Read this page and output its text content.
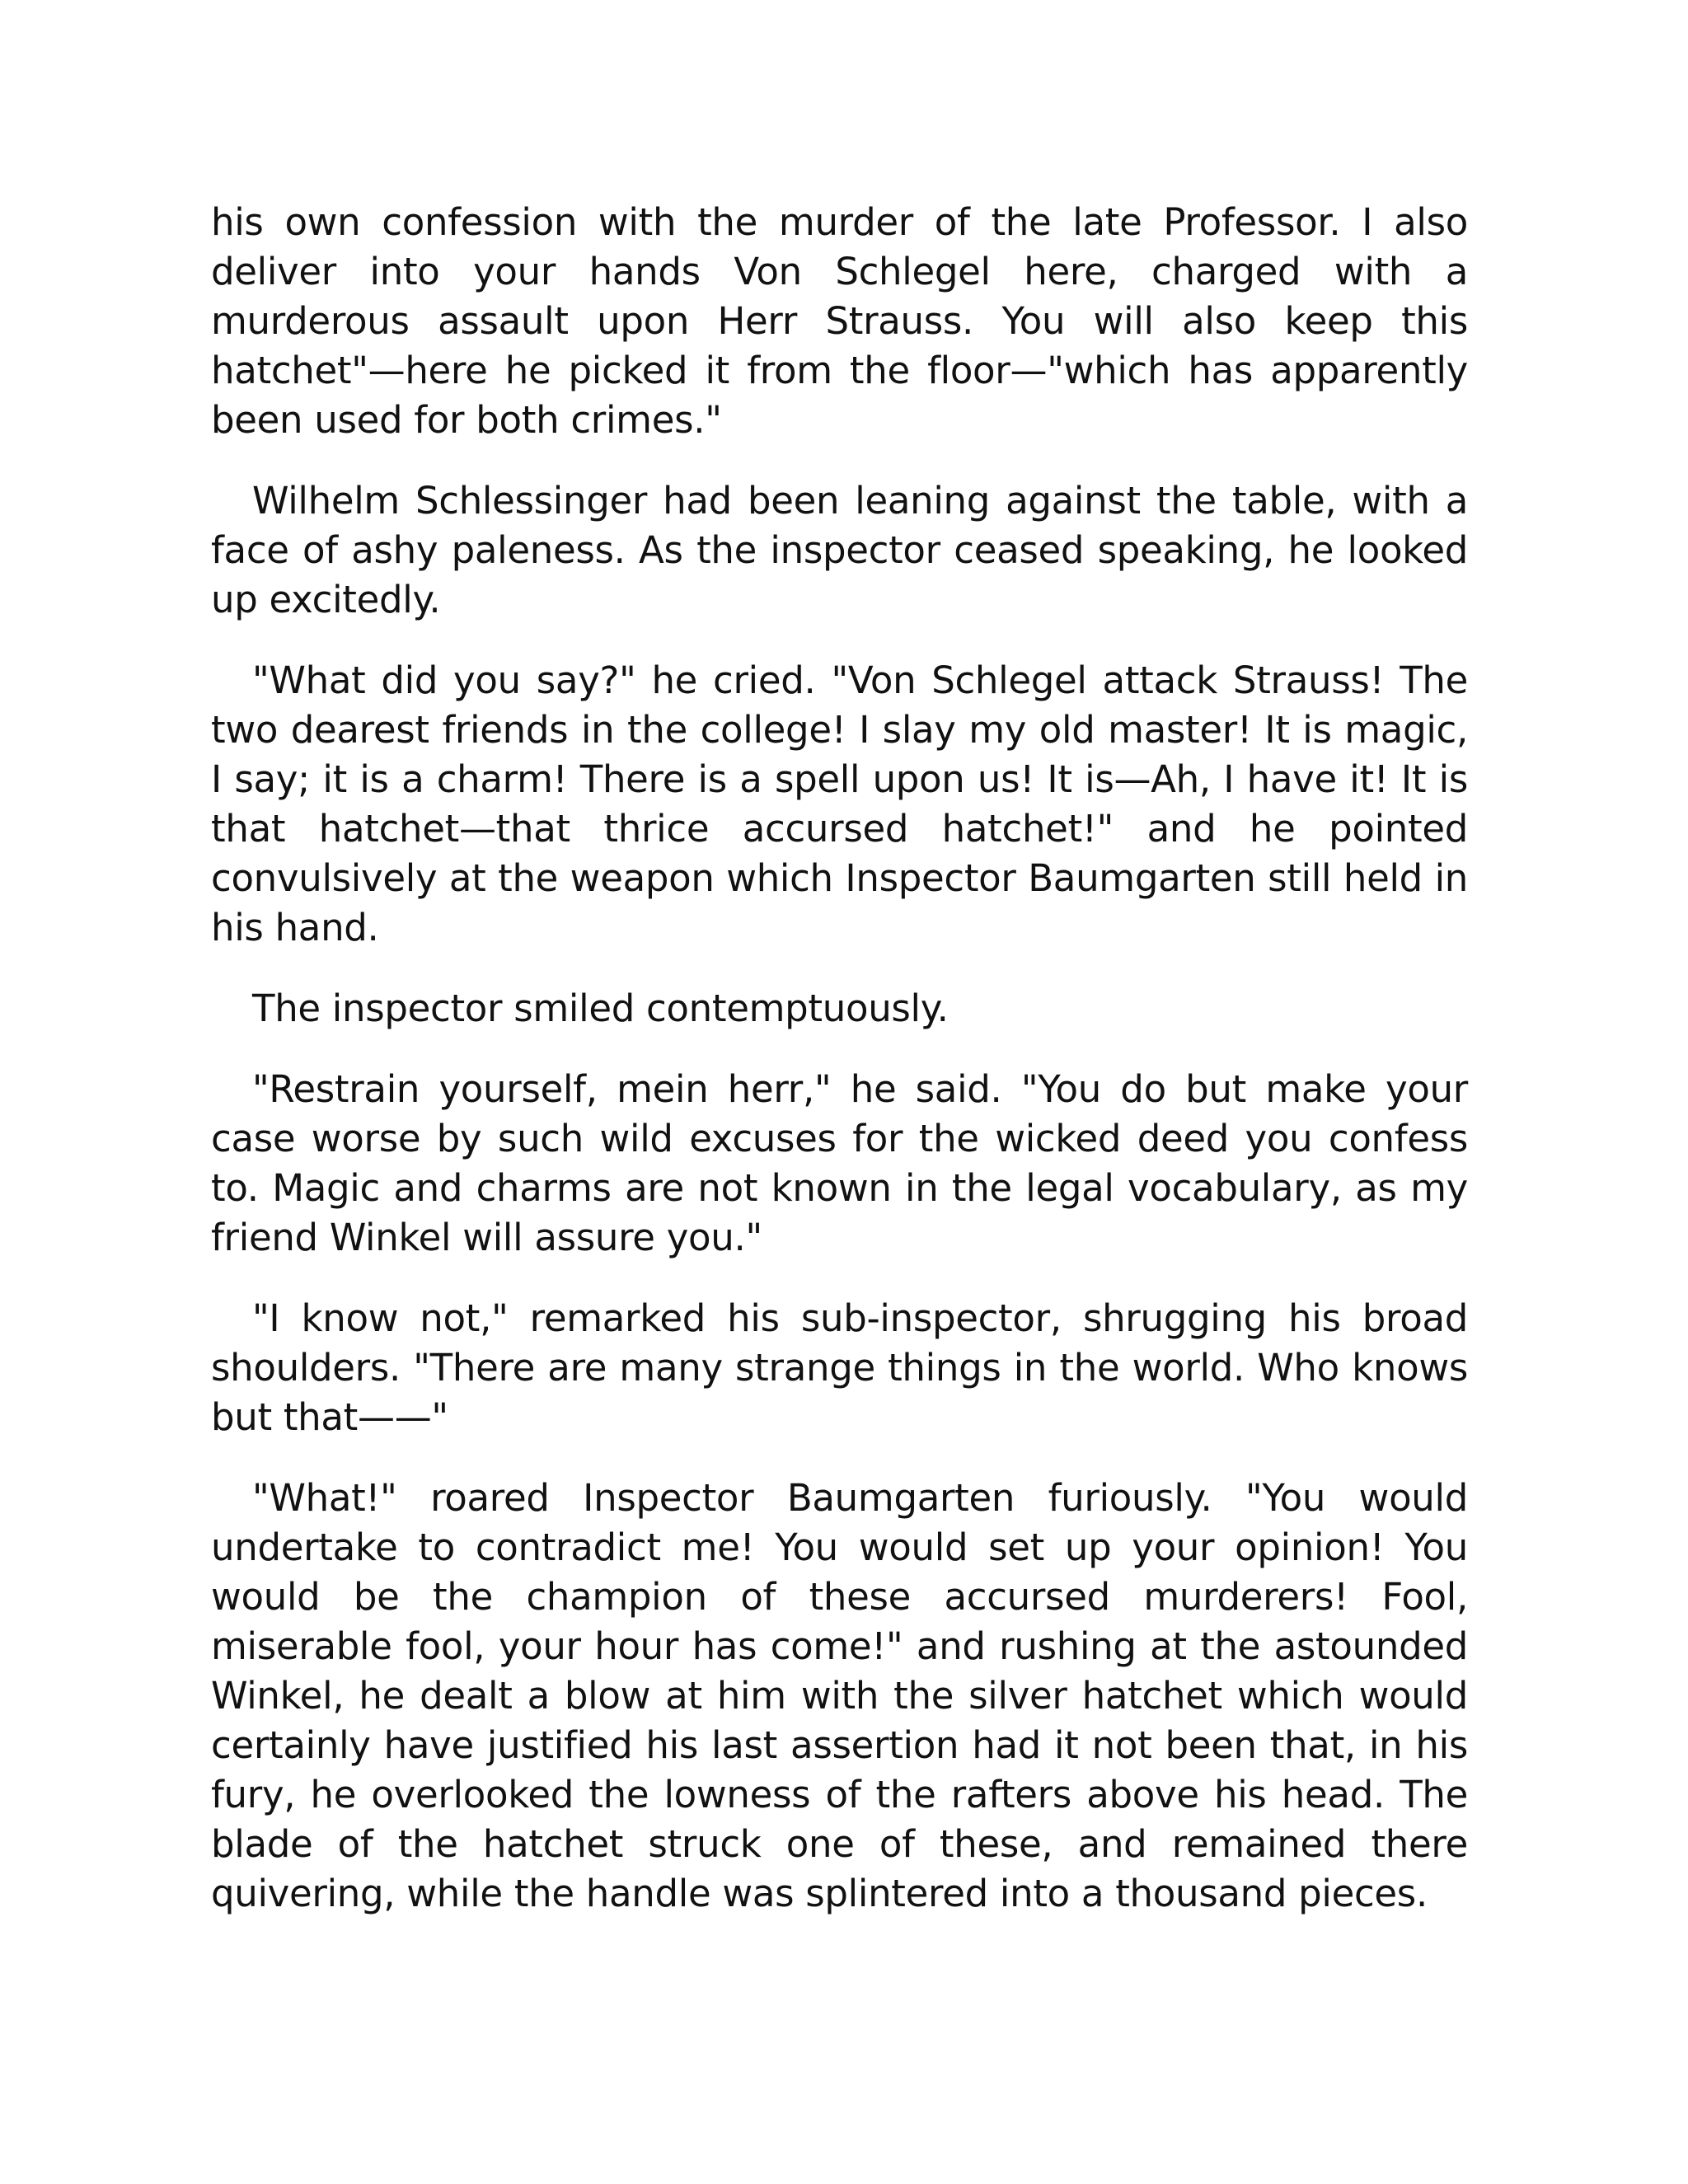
his own confession with the murder of the late Professor. I also deliver into your hands Von Schlegel here, charged with a murderous assault upon Herr Strauss. You will also keep this hatchet"—here he picked it from the floor—"which has apparently been used for both crimes."

Wilhelm Schlessinger had been leaning against the table, with a face of ashy paleness. As the inspector ceased speaking, he looked up excitedly.

"What did you say?" he cried. "Von Schlegel attack Strauss! The two dearest friends in the college! I slay my old master! It is magic, I say; it is a charm! There is a spell upon us! It is—Ah, I have it! It is that hatchet—that thrice accursed hatchet!" and he pointed convulsively at the weapon which Inspector Baumgarten still held in his hand.

The inspector smiled contemptuously.

"Restrain yourself, mein herr," he said. "You do but make your case worse by such wild excuses for the wicked deed you confess to. Magic and charms are not known in the legal vocabulary, as my friend Winkel will assure you."

"I know not," remarked his sub-inspector, shrugging his broad shoulders. "There are many strange things in the world. Who knows but that——"

"What!" roared Inspector Baumgarten furiously. "You would undertake to contradict me! You would set up your opinion! You would be the champion of these accursed murderers! Fool, miserable fool, your hour has come!" and rushing at the astounded Winkel, he dealt a blow at him with the silver hatchet which would certainly have justified his last assertion had it not been that, in his fury, he overlooked the lowness of the rafters above his head. The blade of the hatchet struck one of these, and remained there quivering, while the handle was splintered into a thousand pieces.
